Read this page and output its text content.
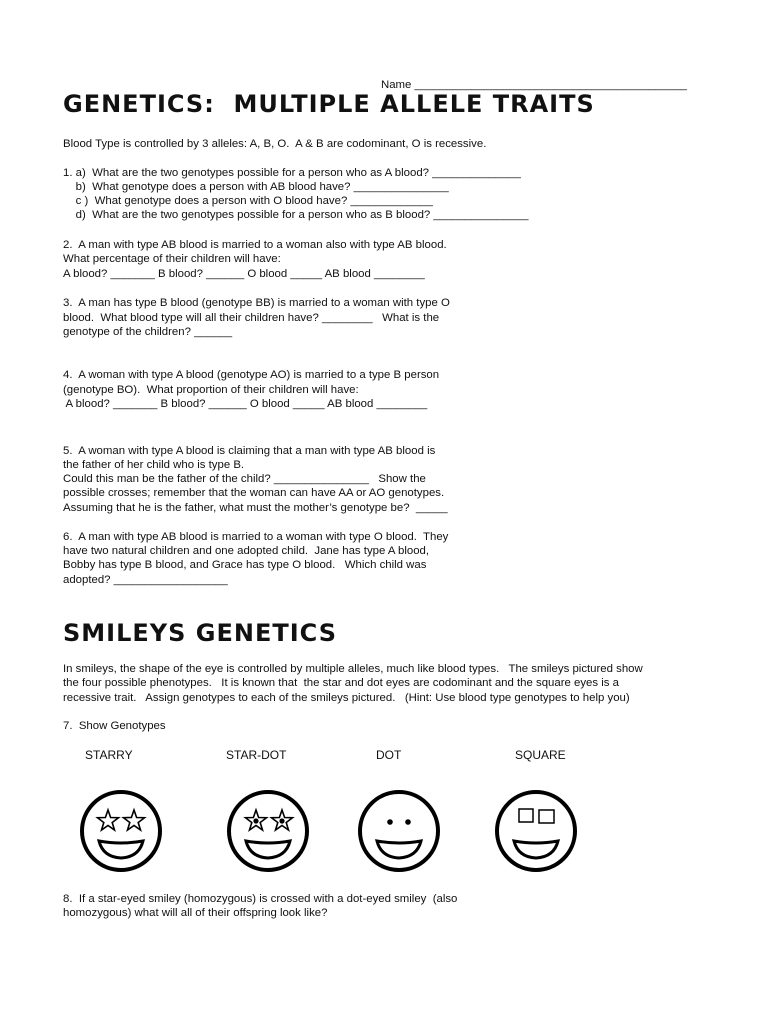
Name ___________________________________________
GENETICS:  MULTIPLE ALLELE TRAITS
Blood Type is controlled by 3 alleles: A, B, O.  A & B are codominant, O is recessive.
1. a)  What are the two genotypes possible for a person who as A blood? ______________
b)  What genotype does a person with AB blood have? _______________
c )  What genotype does a person with O blood have? _____________
d)  What are the two genotypes possible for a person who as B blood? _______________
2.  A man with type AB blood is married to a woman also with type AB blood.
What percentage of their children will have:
A blood? _______ B blood? ______ O blood _____ AB blood ________
3.  A man has type B blood (genotype BB) is married to a woman with type O
blood.  What blood type will all their children have? ________   What is the
genotype of the children? ______
4.  A woman with type A blood (genotype AO) is married to a type B person
(genotype BO).  What proportion of their children will have:
A blood? _______ B blood? ______ O blood _____ AB blood ________
5.  A woman with type A blood is claiming that a man with type AB blood is
the father of her child who is type B.
Could this man be the father of the child? _______________   Show the
possible crosses; remember that the woman can have AA or AO genotypes.
Assuming that he is the father, what must the mother’s genotype be?  _____
6.  A man with type AB blood is married to a woman with type O blood.  They
have two natural children and one adopted child.  Jane has type A blood,
Bobby has type B blood, and Grace has type O blood.   Which child was
adopted? __________________
SMILEYS GENETICS
In smileys, the shape of the eye is controlled by multiple alleles, much like blood types.   The smileys pictured show
the four possible phenotypes.   It is known that  the star and dot eyes are codominant and the square eyes is a
recessive trait.   Assign genotypes to each of the smileys pictured.   (Hint: Use blood type genotypes to help you)
7.  Show Genotypes
STARRY	STAR-DOT	DOT	SQUARE
8.  If a star-eyed smiley (homozygous) is crossed with a dot-eyed smiley  (also
homozygous) what will all of their offspring look like?
